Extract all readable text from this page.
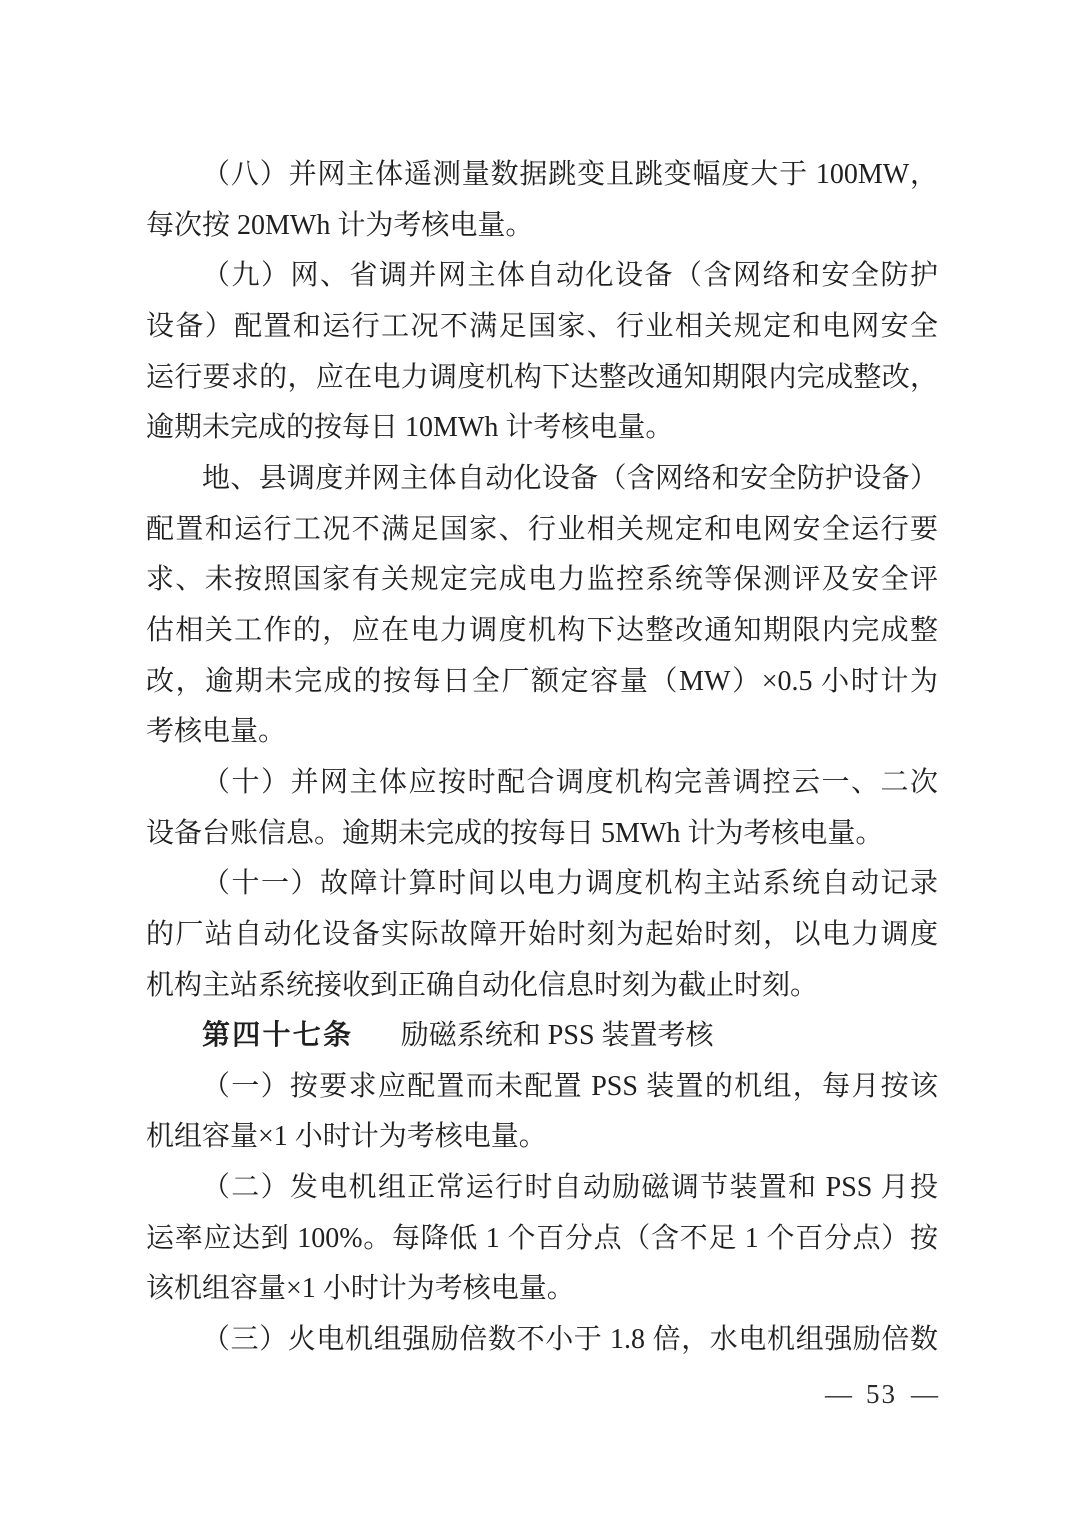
（八）并网主体遥测量数据跳变且跳变幅度大于 100MW，
每次按 20MWh 计为考核电量。
（九）网、省调并网主体自动化设备（含网络和安全防护
设备）配置和运行工况不满足国家、行业相关规定和电网安全
运行要求的，应在电力调度机构下达整改通知期限内完成整改，
逾期未完成的按每日 10MWh 计考核电量。
地、县调度并网主体自动化设备（含网络和安全防护设备）
配置和运行工况不满足国家、行业相关规定和电网安全运行要
求、未按照国家有关规定完成电力监控系统等保测评及安全评
估相关工作的，应在电力调度机构下达整改通知期限内完成整
改，逾期未完成的按每日全厂额定容量（MW）×0.5 小时计为
考核电量。
（十）并网主体应按时配合调度机构完善调控云一、二次
设备台账信息。逾期未完成的按每日 5MWh 计为考核电量。
（十一）故障计算时间以电力调度机构主站系统自动记录
的厂站自动化设备实际故障开始时刻为起始时刻，以电力调度
机构主站系统接收到正确自动化信息时刻为截止时刻。
第四十七条 励磁系统和 PSS 装置考核
（一）按要求应配置而未配置 PSS 装置的机组，每月按该
机组容量×1 小时计为考核电量。
（二）发电机组正常运行时自动励磁调节装置和 PSS 月投
运率应达到 100%。每降低 1 个百分点（含不足 1 个百分点）按
该机组容量×1 小时计为考核电量。
（三）火电机组强励倍数不小于 1.8 倍，水电机组强励倍数
— 53 —
